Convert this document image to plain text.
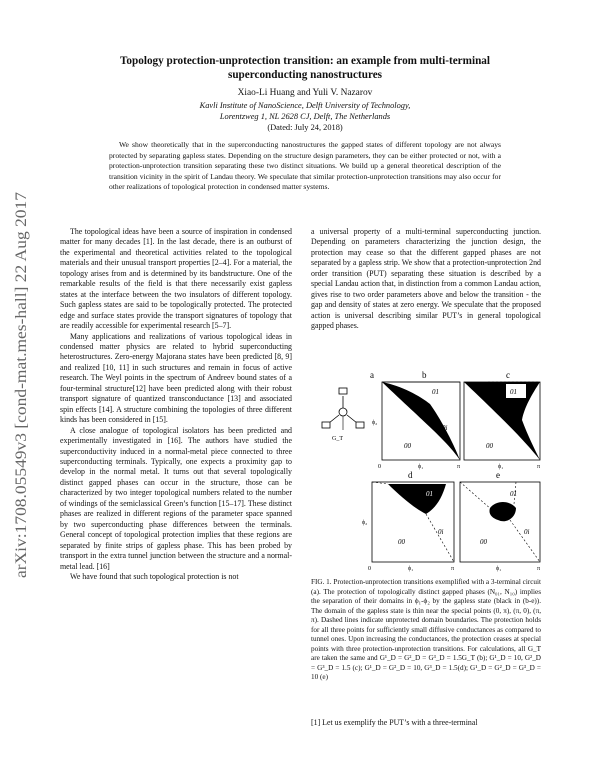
arXiv:1708.05549v3 [cond-mat.mes-hall] 22 Aug 2017
Topology protection-unprotection transition: an example from multi-terminal
superconducting nanostructures
Xiao-Li Huang and Yuli V. Nazarov
Kavli Institute of NanoScience, Delft University of Technology,
Lorentzweg 1, NL 2628 CJ, Delft, The Netherlands
(Dated: July 24, 2018)
We show theoretically that in the superconducting nanostructures the gapped states of different topology are not always protected by separating gapless states. Depending on the structure design parameters, they can be either protected or not, with a protection-unprotection transition separating these two distinct situations. We build up a general theoretical description of the transition vicinity in the spirit of Landau theory. We speculate that similar protection-unprotection transitions may also occur for other realizations of topological protection in condensed matter systems.

The topological ideas have been a source of inspiration in condensed matter for many decades [1]. In the last decade, there is an outburst of the experimental and theoretical activities related to the topological materials and their unusual transport properties [2–4]. For a material, the topology arises from and is determined by its bandstructure. One of the remarkable results of the field is that there necessarily exist gapless states at the interface between the two insulators of different topology. Such gapless states are said to be topologically protected. The protected edge and surface states provide the transport signatures of topology that are readily accessible for experimental research [5–7].

Many applications and realizations of various topological ideas in condensed matter physics are related to hybrid superconducting heterostructures. Zero-energy Majorana states have been predicted [8, 9] and realized [10, 11] in such structures and remain in focus of active research. The Weyl points in the spectrum of Andreev bound states of a four-terminal structure[12] have been predicted along with their robust transport signature of quantized transconductance [13] and associated spin effects [14]. A structure combining the topologies of three different kinds has been considered in [15].

A close analogue of topological isolators has been predicted and experimentally investigated in [16]. The authors have studied the superconductivity induced in a normal-metal piece connected to three superconducting terminals. Typically, one expects a proximity gap to develop in the normal metal. It turns out that several topologically distinct gapped phases can occur in the structure, those can be characterized by two integer topological numbers related to the number of windings of the semiclassical Green’s function [15–17]. These distinct phases are realized in different regions of the parameter space spanned by two superconducting phase differences between the terminals. General concept of topological protection implies that these regions are separated by finite strips of gapless phase. This has been probed by transport in the extra tunnel junction between the structure and a normal-metal lead. [16]

We have found that such topological protection is not

a universal property of a multi-terminal superconducting junction. Depending on parameters characterizing the junction design, the protection may cease so that the different gapped phases are not separated by a gapless strip. We show that a protection-unprotection 2nd order transition (PUT) separating these situation is described by a special Landau action that, in distinction from a common Landau action, gives rise to two order parameters above and below the transition - the gap and density of states at zero energy. We speculate that the proposed action is universal describing similar PUT’s in general topological gapped phases.

a
G_T
b
01
0i
00
ϕ₁
0	π
ϕ₂
c
01
0i
00
ϕ₁	π
d
01
0i
00
ϕ₁
0	π
ϕ₂
e
01
0i
00
ϕ₁	π
FIG. 1. Protection-unprotection transitions exemplified with a 3-terminal circuit (a). The protection of topologically distinct gapped phases (N₀₁, N₁₀) implies the separation of their domains in ϕ₁-ϕ₂ by the gapless state (black in (b-e)). The domain of the gapless state is thin near the special points (0, π), (π, 0), (π, π). Dashed lines indicate unprotected domain boundaries. The protection holds for all three points for sufficiently small diffusive conductances as compared to tunnel ones. Upon increasing the conductances, the protection ceases at special points with three protection-unprotection transitions. For calculations, all G_T are taken the same and G¹_D = G²_D = G³_D = 1.5G_T (b); G¹_D = 10, G²_D = G³_D = 1.5 (c); G¹_D = G²_D = 10, G³_D = 1.5(d); G¹_D = G²_D = G³_D = 10 (e)
[1] Let us exemplify the PUT’s with a three-terminal
